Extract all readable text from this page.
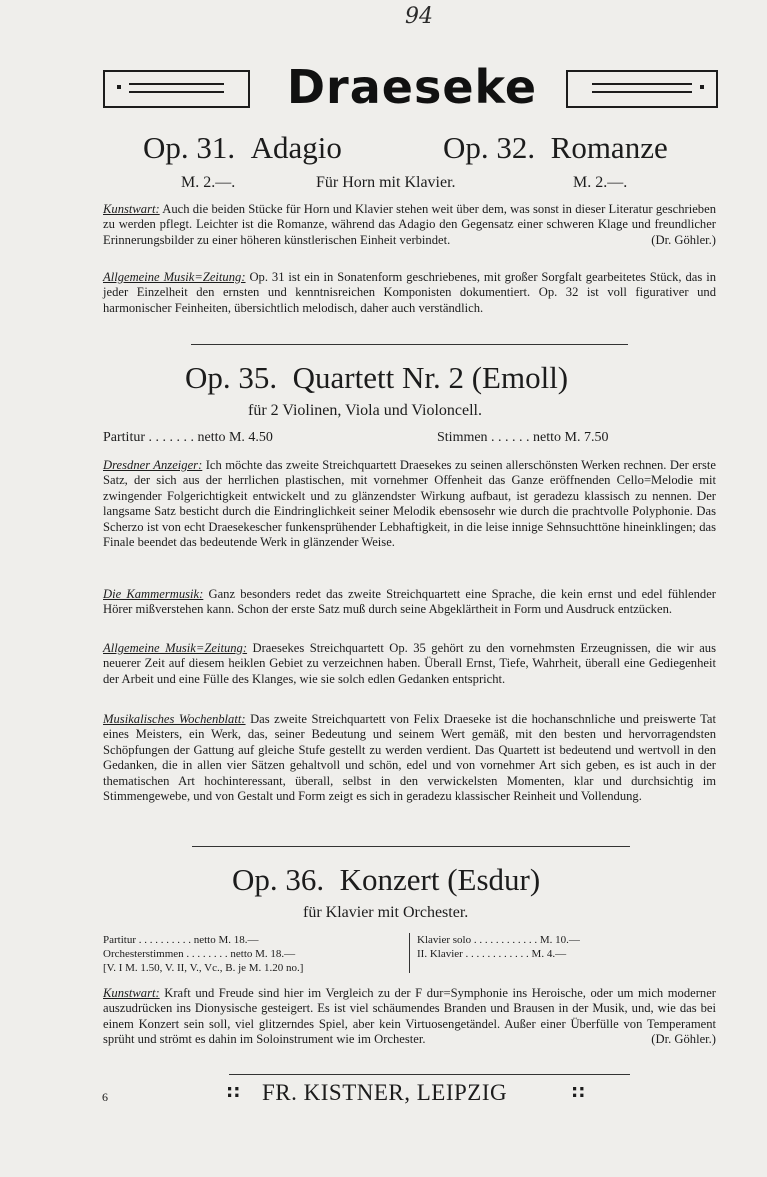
94
Draeseke
Op. 31. Adagio	Op. 32. Romanze
M. 2.—.	Für Horn mit Klavier.	M. 2.—.
Kunstwart: Auch die beiden Stücke für Horn und Klavier stehen weit über dem, was sonst in dieser Literatur geschrieben zu werden pflegt. Leichter ist die Romanze, während das Adagio den Gegensatz einer schweren Klage und freundlicher Erinnerungsbilder zu einer höheren künstlerischen Einheit verbindet.	(Dr. Göhler.)
Allgemeine Musik=Zeitung: Op. 31 ist ein in Sonatenform geschriebenes, mit großer Sorgfalt gearbeitetes Stück, das in jeder Einzelheit den ernsten und kenntnisreichen Komponisten dokumentiert. Op. 32 ist voll figurativer und harmonischer Feinheiten, übersichtlich melodisch, daher auch verständlich.
Op. 35. Quartett Nr. 2 (Emoll)
für 2 Violinen, Viola und Violoncell.
Partitur . . . . . . . netto M. 4.50	Stimmen . . . . . . netto M. 7.50
Dresdner Anzeiger: Ich möchte das zweite Streichquartett Draesekes zu seinen allerschönsten Werken rechnen. Der erste Satz, der sich aus der herrlichen plastischen, mit vornehmer Offenheit das Ganze eröffnenden Cello=Melodie mit zwingender Folgerichtigkeit entwickelt und zu glänzendster Wirkung aufbaut, ist geradezu klassisch zu nennen. Der langsame Satz besticht durch die Eindringlichkeit seiner Melodik ebensosehr wie durch die prachtvolle Polyphonie. Das Scherzo ist von echt Draesekescher funkensprühender Lebhaftigkeit, in die leise innige Sehnsuchttöne hineinklingen; das Finale beendet das bedeutende Werk in glänzender Weise.
Die Kammermusik: Ganz besonders redet das zweite Streichquartett eine Sprache, die kein ernst und edel fühlender Hörer mißverstehen kann. Schon der erste Satz muß durch seine Abgeklärtheit in Form und Ausdruck entzücken.
Allgemeine Musik=Zeitung: Draesekes Streichquartett Op. 35 gehört zu den vornehmsten Erzeugnissen, die wir aus neuerer Zeit auf diesem heiklen Gebiet zu verzeichnen haben. Überall Ernst, Tiefe, Wahrheit, überall eine Gediegenheit der Arbeit und eine Fülle des Klanges, wie sie solch edlen Gedanken entspricht.
Musikalisches Wochenblatt: Das zweite Streichquartett von Felix Draeseke ist die hochanschnliche und preiswerte Tat eines Meisters, ein Werk, das, seiner Bedeutung und seinem Wert gemäß, mit den besten und hervorragendsten Schöpfungen der Gattung auf gleiche Stufe gestellt zu werden verdient. Das Quartett ist bedeutend und wertvoll in den Gedanken, die in allen vier Sätzen gehaltvoll und schön, edel und von vornehmer Art sich geben, es ist auch in der thematischen Art hochinteressant, überall, selbst in den verwickelsten Momenten, klar und durchsichtig im Stimmengewebe, und von Gestalt und Form zeigt es sich in geradezu klassischer Reinheit und Vollendung.
Op. 36. Konzert (Esdur)
für Klavier mit Orchester.
Partitur . . . . . . . . . . netto M. 18.—
Orchesterstimmen . . . . . . . . netto M. 18.—
[V. I M. 1.50, V. II, V., Vc., B. je M. 1.20 no.]
Klavier solo . . . . . . . . . . . . M. 10.—
II. Klavier . . . . . . . . . . . . M. 4.—
Kunstwart: Kraft und Freude sind hier im Vergleich zu der F dur=Symphonie ins Heroische, oder um mich moderner auszudrücken ins Dionysische gesteigert. Es ist viel schäumendes Branden und Brausen in der Musik, und, wie das bei einem Konzert sein soll, viel glitzerndes Spiel, aber kein Virtuosengetändel. Außer einer Überfülle von Temperament sprüht und strömt es dahin im Soloinstrument wie im Orchester.	(Dr. Göhler.)
6	:: FR. KISTNER, LEIPZIG	::
